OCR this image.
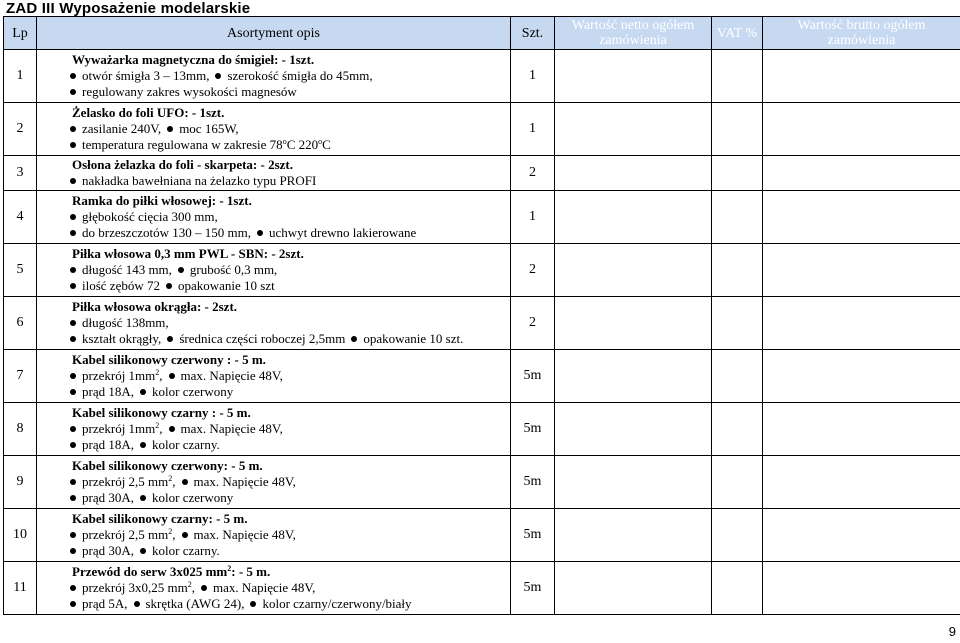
ZAD III Wyposażenie modelarskie
Lp	Asortyment opis	Szt.	Wartość netto ogółem zamówienia	VAT %	Wartość brutto ogółem zamówienia
1	Wyważarka magnetyczna do śmigieł: - 1szt.
otwór śmigła 3 – 13mm, szerokość śmigła do 45mm,
regulowany zakres wysokości magnesów	1			
2	Żelasko do foli UFO: - 1szt.
zasilanie 240V, moc 165W,
temperatura regulowana w zakresie 78$^o$C 220$^o$C	1			
3	Osłona żelazka do foli - skarpeta: - 2szt.
nakładka bawełniana na żelazko typu PROFI	2			
4	Ramka do piłki włosowej: - 1szt.
głębokość cięcia 300 mm,
do brzeszczotów 130 – 150 mm, uchwyt drewno lakierowane	1			
5	Piłka włosowa 0,3 mm PWL - SBN: - 2szt.
długość 143 mm, grubość 0,3 mm,
ilość zębów 72 opakowanie 10 szt	2			
6	Piłka włosowa okrągła: - 2szt.
długość 138mm,
kształt okrągły, średnica części roboczej 2,5mm opakowanie 10 szt.	2			
7	Kabel silikonowy czerwony : - 5 m.
przekrój $1mm^2$, max. Napięcie 48V,
prąd 18A, kolor czerwony	5m			
8	Kabel silikonowy czarny : - 5 m.
przekrój $1mm^2$, max. Napięcie 48V,
prąd 18A, kolor czarny.	5m			
9	Kabel silikonowy czerwony: - 5 m.
przekrój 2,5 $mm^2$, max. Napięcie 48V,
prąd 30A, kolor czerwony	5m			
10	Kabel silikonowy czarny: - 5 m.
przekrój 2,5 $mm^2$, max. Napięcie 48V,
prąd 30A, kolor czarny.	5m			
11	Przewód do serw 3x025 $mm^2$: - 5 m.
przekrój 3x0,25 $mm^2$, max. Napięcie 48V,
prąd 5A, skrętka (AWG 24), kolor czarny/czerwony/biały	5m			
9
